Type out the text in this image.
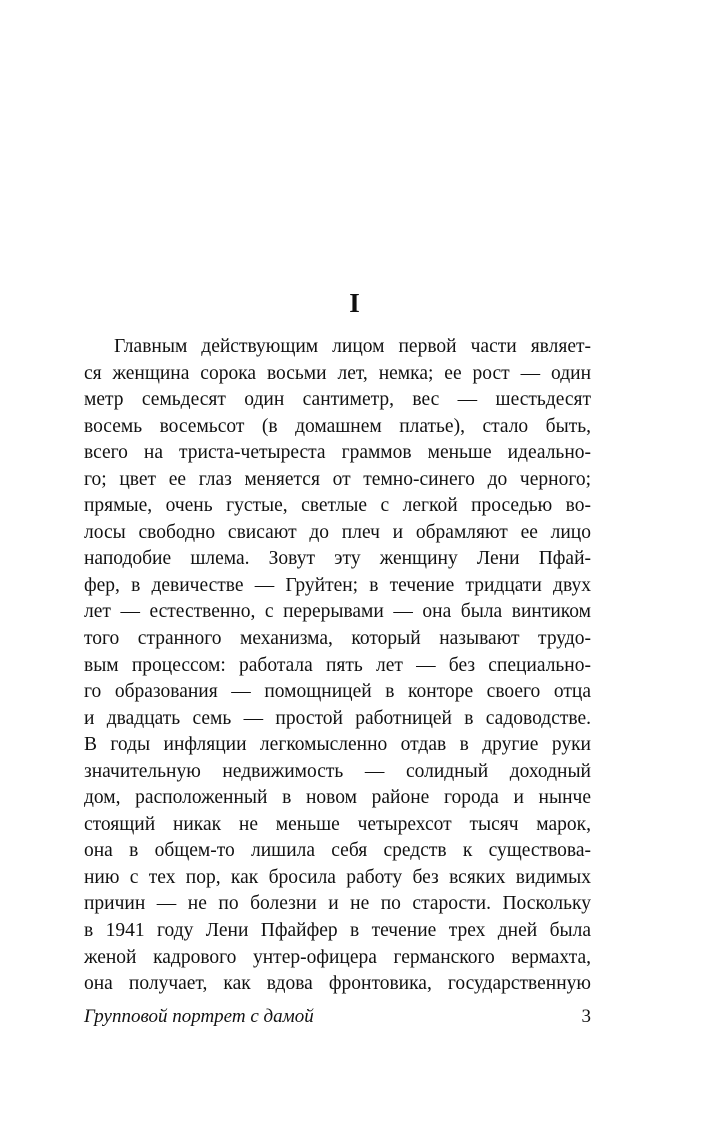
I
Главным действующим лицом первой части являет-
ся женщина сорока восьми лет, немка; ее рост — один
метр семьдесят один сантиметр, вес — шестьдесят
восемь восемьсот (в домашнем платье), стало быть,
всего на триста-четыреста граммов меньше идеально-
го; цвет ее глаз меняется от темно-синего до черного;
прямые, очень густые, светлые с легкой проседью во-
лосы свободно свисают до плеч и обрамляют ее лицо
наподобие шлема. Зовут эту женщину Лени Пфай-
фер, в девичестве — Груйтен; в течение тридцати двух
лет — естественно, с перерывами — она была винтиком
того странного механизма, который называют трудо-
вым процессом: работала пять лет — без специально-
го образования — помощницей в конторе своего отца
и двадцать семь — простой работницей в садоводстве.
В годы инфляции легкомысленно отдав в другие руки
значительную недвижимость — солидный доходный
дом, расположенный в новом районе города и нынче
стоящий никак не меньше четырехсот тысяч марок,
она в общем-то лишила себя средств к существова-
нию с тех пор, как бросила работу без всяких видимых
причин — не по болезни и не по старости. Поскольку
в 1941 году Лени Пфайфер в течение трех дней была
женой кадрового унтер-офицера германского вермахта,
она получает, как вдова фронтовика, государственную
Групповой портрет с дамой	3
